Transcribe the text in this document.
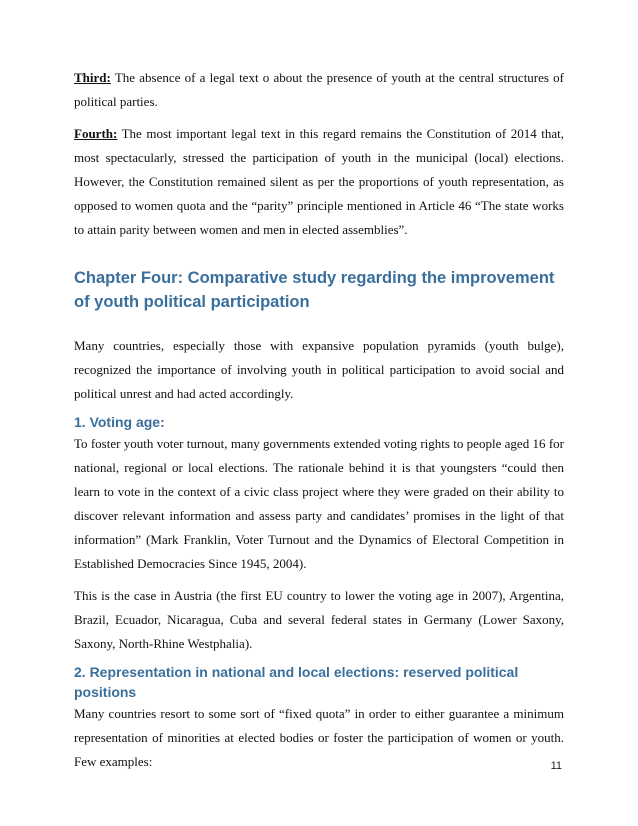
Third: The absence of a legal text o about the presence of youth at the central structures of political parties.

Fourth: The most important legal text in this regard remains the Constitution of 2014 that, most spectacularly, stressed the participation of youth in the municipal (local) elections. However, the Constitution remained silent as per the proportions of youth representation, as opposed to women quota and the “parity” principle mentioned in Article 46 “The state works to attain parity between women and men in elected assemblies”.

Chapter Four: Comparative study regarding the improvement of youth political participation

Many countries, especially those with expansive population pyramids (youth bulge), recognized the importance of involving youth in political participation to avoid social and political unrest and had acted accordingly.

1. Voting age:

To foster youth voter turnout, many governments extended voting rights to people aged 16 for national, regional or local elections. The rationale behind it is that youngsters “could then learn to vote in the context of a civic class project where they were graded on their ability to discover relevant information and assess party and candidates’ promises in the light of that information” (Mark Franklin, Voter Turnout and the Dynamics of Electoral Competition in Established Democracies Since 1945, 2004).

This is the case in Austria (the first EU country to lower the voting age in 2007), Argentina, Brazil, Ecuador, Nicaragua, Cuba and several federal states in Germany (Lower Saxony, Saxony, North-Rhine Westphalia).

2. Representation in national and local elections: reserved political positions

Many countries resort to some sort of “fixed quota” in order to either guarantee a minimum representation of minorities at elected bodies or foster the participation of women or youth. Few examples:	11
